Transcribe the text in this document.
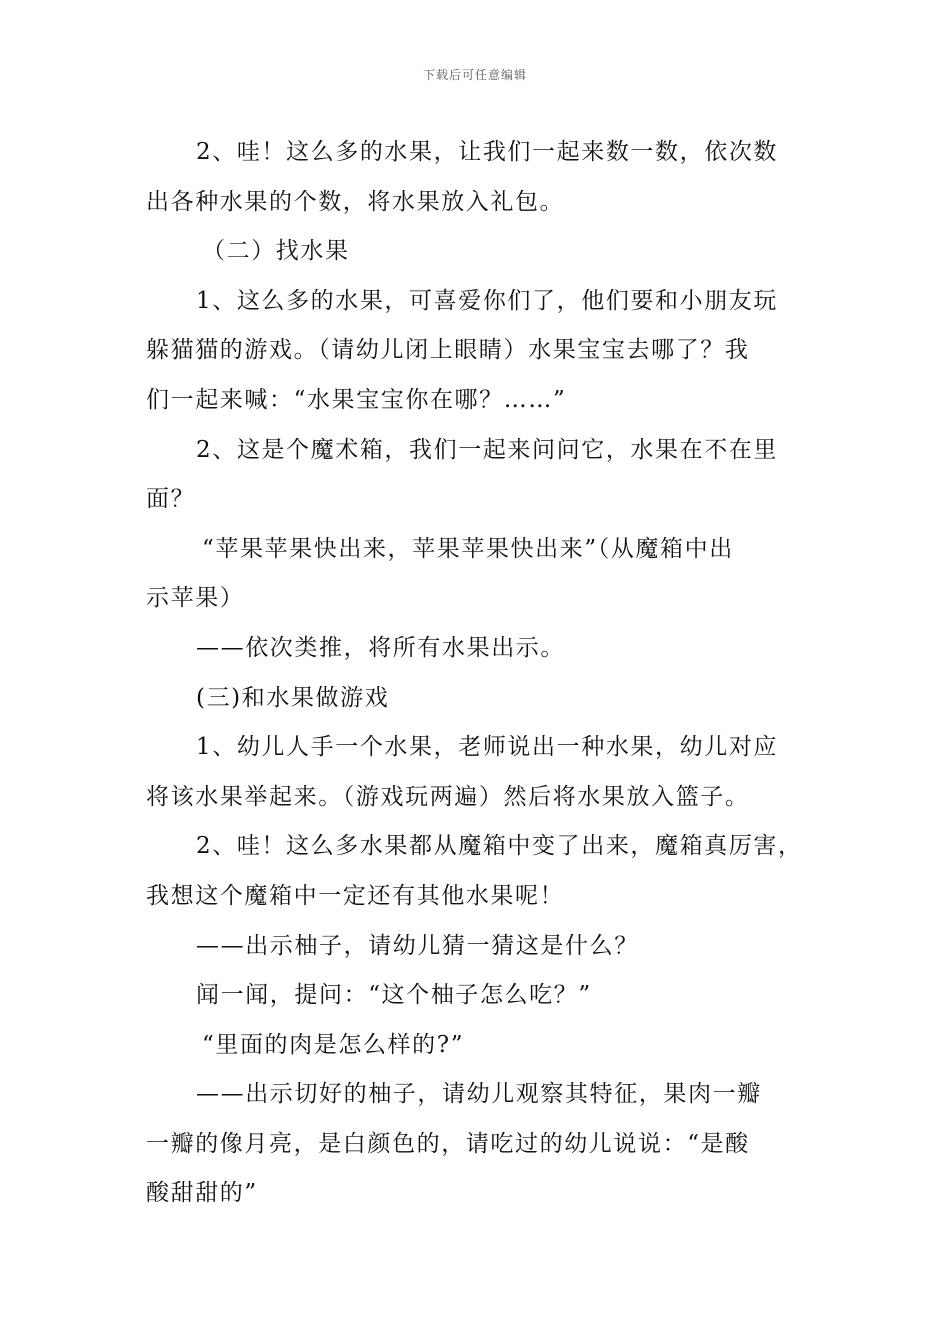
下载后可任意编辑
2、哇！这么多的水果，让我们一起来数一数，依次数
出各种水果的个数，将水果放入礼包。
（二）找水果
1、这么多的水果，可喜爱你们了，他们要和小朋友玩
躲猫猫的游戏。（请幼儿闭上眼睛）水果宝宝去哪了？我
们一起来喊：“水果宝宝你在哪？……”
2、这是个魔术箱，我们一起来问问它，水果在不在里
面？
“苹果苹果快出来，苹果苹果快出来”（从魔箱中出
示苹果）
——依次类推，将所有水果出示。
(三)和水果做游戏
1、幼儿人手一个水果，老师说出一种水果，幼儿对应
将该水果举起来。（游戏玩两遍）然后将水果放入篮子。
2、哇！这么多水果都从魔箱中变了出来，魔箱真厉害，
我想这个魔箱中一定还有其他水果呢！
——出示柚子，请幼儿猜一猜这是什么？
闻一闻，提问：“这个柚子怎么吃？”
“里面的肉是怎么样的?”
——出示切好的柚子，请幼儿观察其特征，果肉一瓣
一瓣的像月亮，是白颜色的，请吃过的幼儿说说：“是酸
酸甜甜的”
